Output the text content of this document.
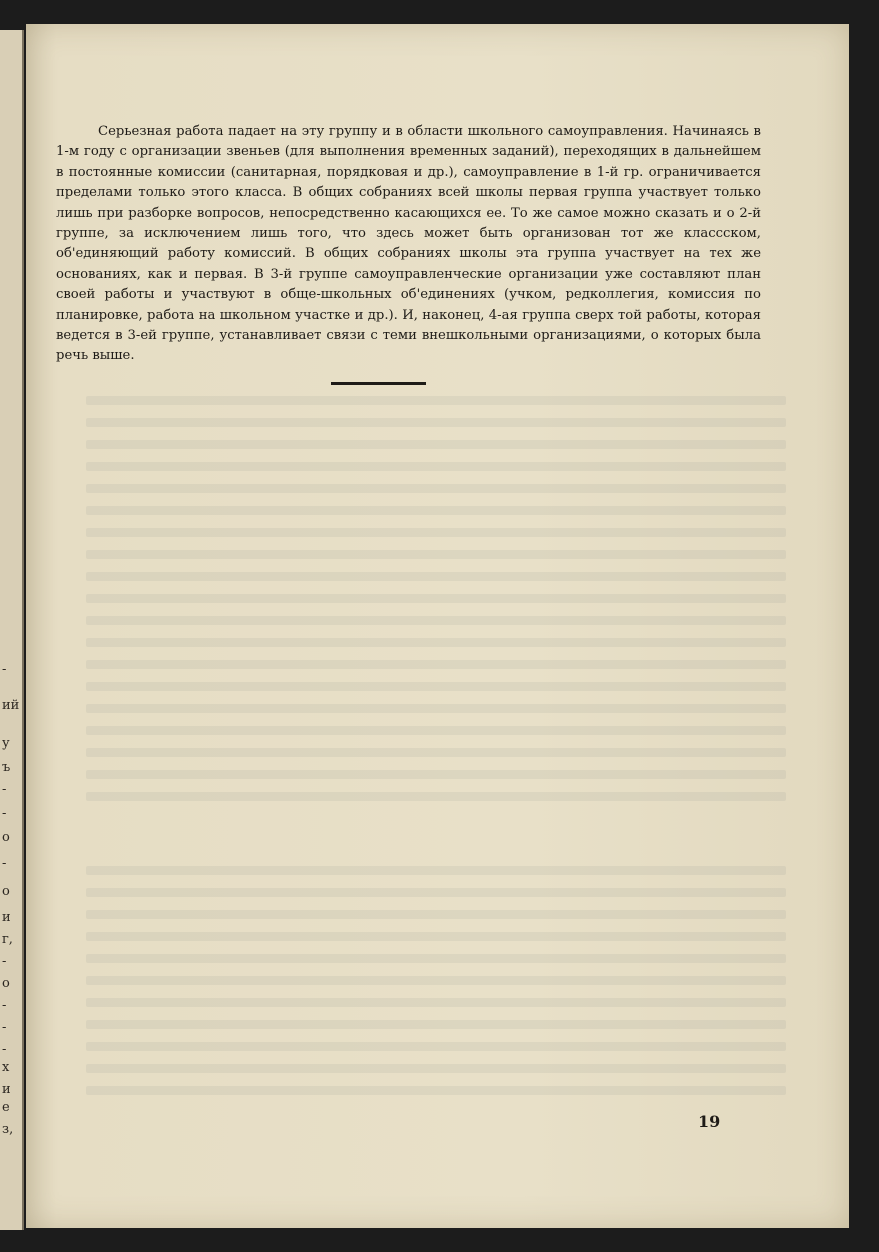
-
ий
у
ъ
-
-
о
-
о
и
г,
-
о
-
-
-
х
и
е
з,

Серьезная работа падает на эту группу и в области школьного самоуправления. Начинаясь в 1-м году с организации звеньев (для выполнения временных заданий), переходящих в дальнейшем в постоянные комиссии (санитарная, порядковая и др.), самоуправление в 1-й гр. ограничивается пределами только этого класса. В общих собраниях всей школы первая группа участвует только лишь при разборке вопросов, непосредственно касающихся ее. То же самое можно сказать и о 2-й группе, за исключением лишь того, что здесь может быть организован тот же классском, об'единяющий работу комиссий. В общих собраниях школы эта группа участвует на тех же основаниях, как и первая. В 3-й группе самоуправленческие организации уже составляют план своей работы и участвуют в обще-школьных об'единениях (учком, редколлегия, комиссия по планировке, работа на школьном участке и др.). И, наконец, 4-ая группа сверх той работы, которая ведется в 3-ей группе, устанавливает связи с теми внешкольными организациями, о которых была речь выше.

19
